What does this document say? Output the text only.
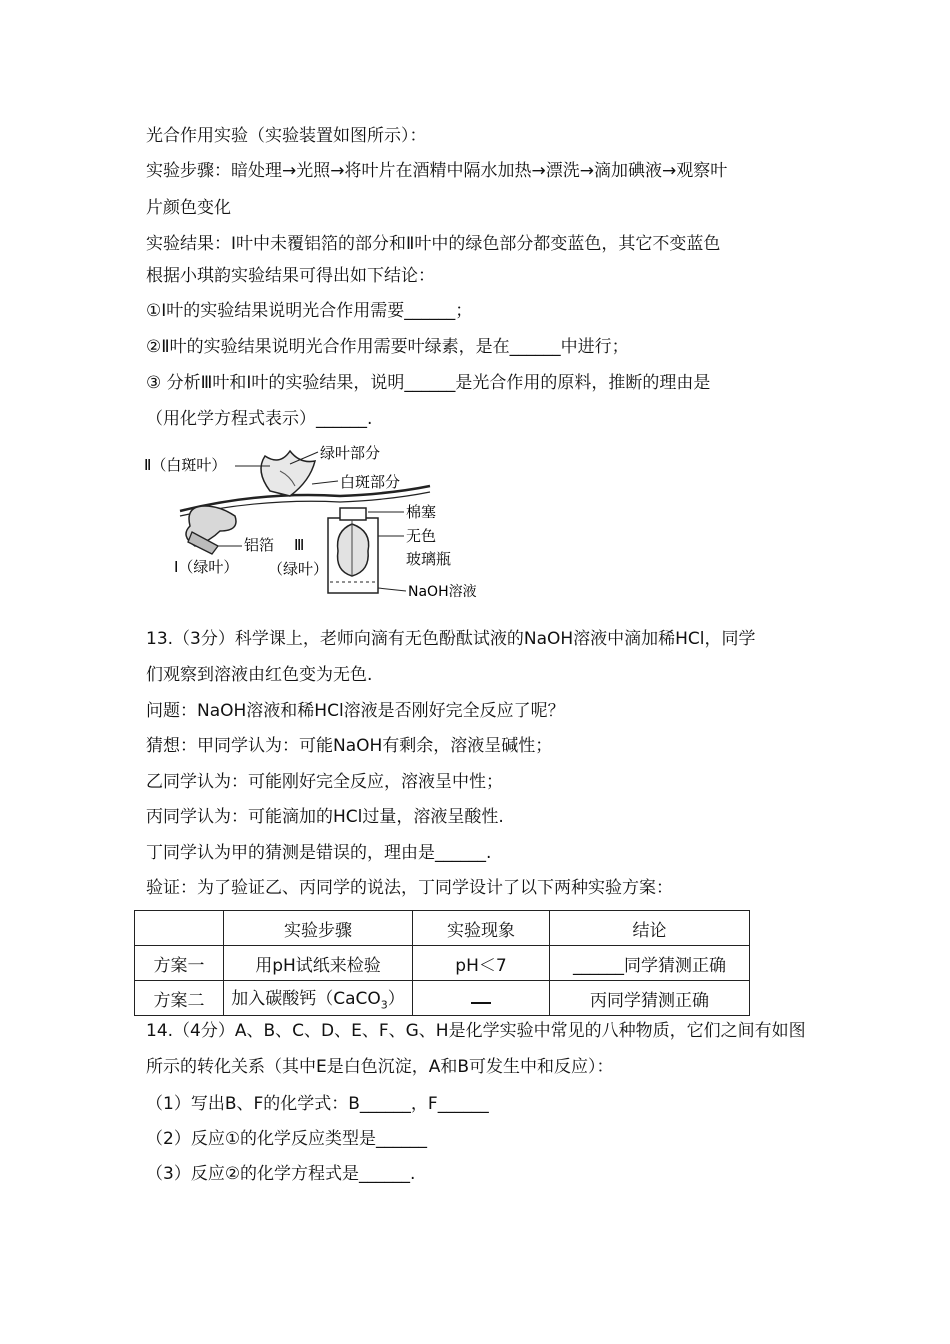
光合作用实验（实验装置如图所示）：
实验步骤：暗处理→光照→将叶片在酒精中隔水加热→漂洗→滴加碘液→观察叶
片颜色变化
实验结果：Ⅰ叶中未覆铝箔的部分和Ⅱ叶中的绿色部分都变蓝色，其它不变蓝色
根据小琪韵实验结果可得出如下结论：
①Ⅰ叶的实验结果说明光合作用需要______；
②Ⅱ叶的实验结果说明光合作用需要叶绿素，是在______中进行；
③ 分析Ⅲ叶和Ⅰ叶的实验结果，说明______是光合作用的原料，推断的理由是
（用化学方程式表示）______.
Ⅱ（白斑叶）
绿叶部分
白斑部分
棉塞
无色
玻璃瓶
铝箔 Ⅲ
（绿叶）
Ⅰ（绿叶）
NaOH溶液
13.（3分）科学课上，老师向滴有无色酚酞试液的NaOH溶液中滴加稀HCl，同学
们观察到溶液由红色变为无色.
问题：NaOH溶液和稀HCl溶液是否刚好完全反应了呢？
猜想：甲同学认为：可能NaOH有剩余，溶液呈碱性；
乙同学认为：可能刚好完全反应，溶液呈中性；
丙同学认为：可能滴加的HCl过量，溶液呈酸性.
丁同学认为甲的猜测是错误的，理由是______.
验证：为了验证乙、丙同学的说法，丁同学设计了以下两种实验方案：
	实验步骤	实验现象	结论
方案一	用pH试纸来检验	pH＜7	______同学猜测正确
方案二	加入碳酸钙（CaCO$_3$）		丙同学猜测正确
14.（4分）A、B、C、D、E、F、G、H是化学实验中常见的八种物质，它们之间有如图
所示的转化关系（其中E是白色沉淀，A和B可发生中和反应）：
（1）写出B、F的化学式：B______，F______
（2）反应①的化学反应类型是______
（3）反应②的化学方程式是______.
